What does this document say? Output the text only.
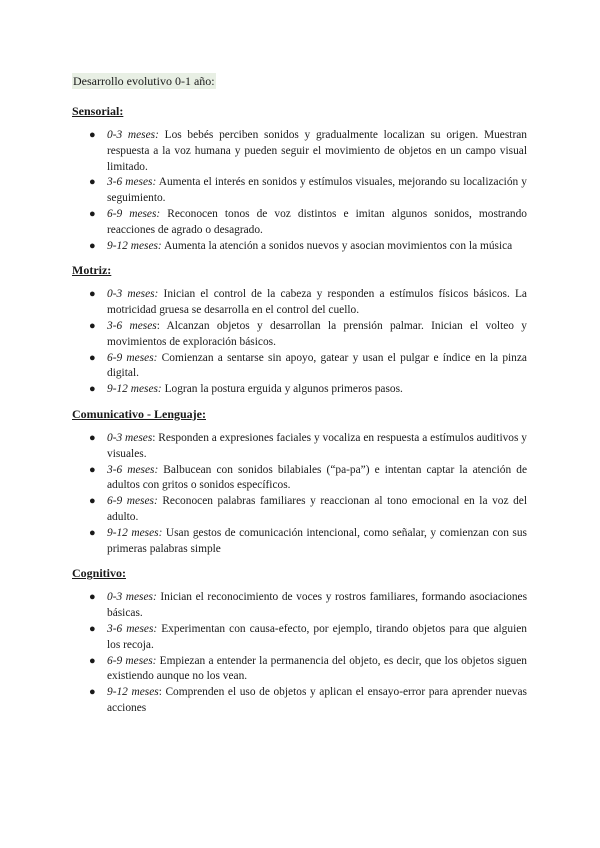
Desarrollo evolutivo 0-1 año:
Sensorial:
● 0-3 meses: Los bebés perciben sonidos y gradualmente localizan su origen. Muestran respuesta a la voz humana y pueden seguir el movimiento de objetos en un campo visual limitado.
● 3-6 meses: Aumenta el interés en sonidos y estímulos visuales, mejorando su localización y seguimiento.
● 6-9 meses: Reconocen tonos de voz distintos e imitan algunos sonidos, mostrando reacciones de agrado o desagrado.
● 9-12 meses: Aumenta la atención a sonidos nuevos y asocian movimientos con la música
Motriz:
● 0-3 meses: Inician el control de la cabeza y responden a estímulos físicos básicos. La motricidad gruesa se desarrolla en el control del cuello.
● 3-6 meses: Alcanzan objetos y desarrollan la prensión palmar. Inician el volteo y movimientos de exploración básicos.
● 6-9 meses: Comienzan a sentarse sin apoyo, gatear y usan el pulgar e índice en la pinza digital.
● 9-12 meses: Logran la postura erguida y algunos primeros pasos.
Comunicativo - Lenguaje:
● 0-3 meses: Responden a expresiones faciales y vocaliza en respuesta a estímulos auditivos y visuales.
● 3-6 meses: Balbucean con sonidos bilabiales (“pa-pa”) e intentan captar la atención de adultos con gritos o sonidos específicos.
● 6-9 meses: Reconocen palabras familiares y reaccionan al tono emocional en la voz del adulto.
● 9-12 meses: Usan gestos de comunicación intencional, como señalar, y comienzan con sus primeras palabras simple
Cognitivo:
● 0-3 meses: Inician el reconocimiento de voces y rostros familiares, formando asociaciones básicas.
● 3-6 meses: Experimentan con causa-efecto, por ejemplo, tirando objetos para que alguien los recoja.
● 6-9 meses: Empiezan a entender la permanencia del objeto, es decir, que los objetos siguen existiendo aunque no los vean.
● 9-12 meses: Comprenden el uso de objetos y aplican el ensayo-error para aprender nuevas acciones
